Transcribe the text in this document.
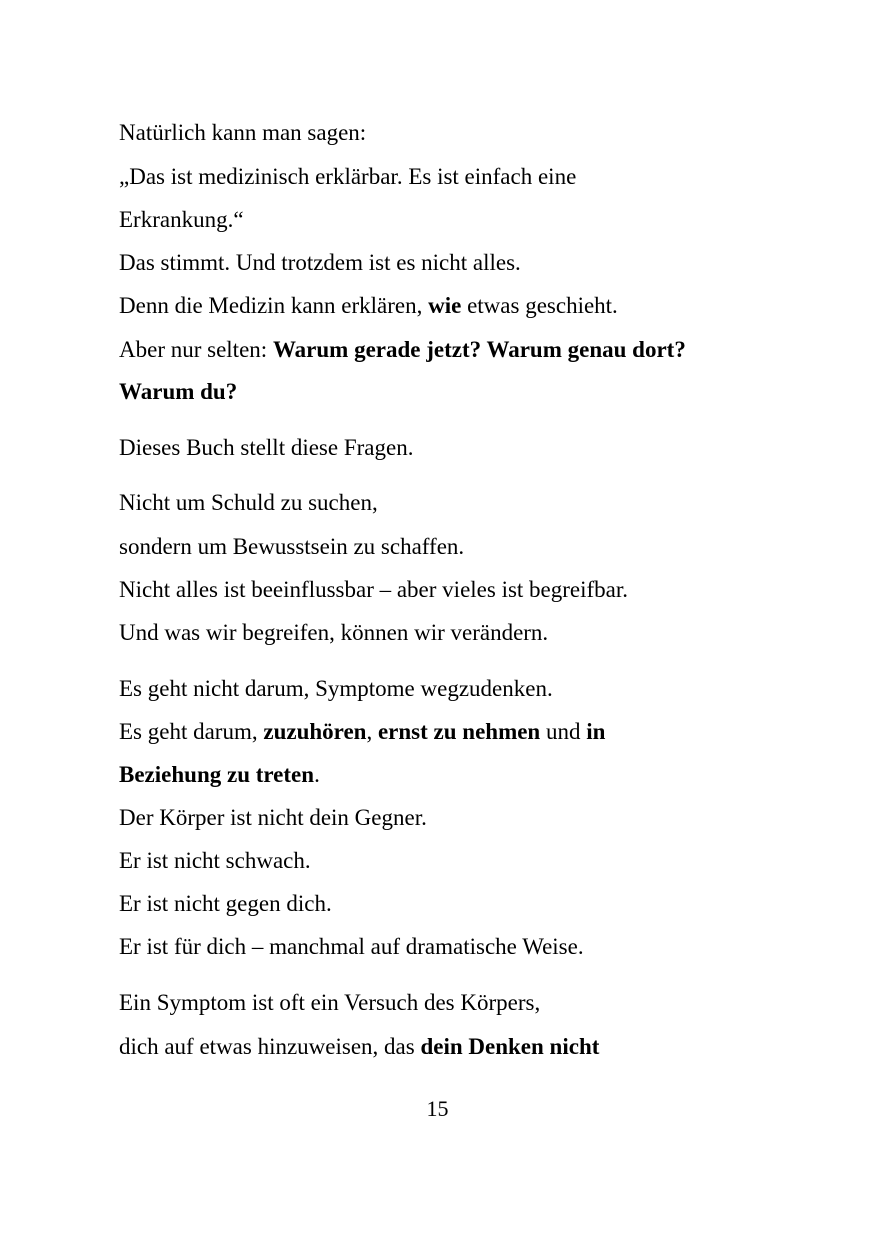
Natürlich kann man sagen:

„Das ist medizinisch erklärbar. Es ist einfach eine

Erkrankung.“

Das stimmt. Und trotzdem ist es nicht alles.

Denn die Medizin kann erklären, wie etwas geschieht.

Aber nur selten: Warum gerade jetzt? Warum genau dort?

Warum du?

Dieses Buch stellt diese Fragen.

Nicht um Schuld zu suchen,

sondern um Bewusstsein zu schaffen.

Nicht alles ist beeinflussbar – aber vieles ist begreifbar.

Und was wir begreifen, können wir verändern.

Es geht nicht darum, Symptome wegzudenken.

Es geht darum, zuzuhören, ernst zu nehmen und in

Beziehung zu treten.

Der Körper ist nicht dein Gegner.

Er ist nicht schwach.

Er ist nicht gegen dich.

Er ist für dich – manchmal auf dramatische Weise.

Ein Symptom ist oft ein Versuch des Körpers,

dich auf etwas hinzuweisen, das dein Denken nicht

15
